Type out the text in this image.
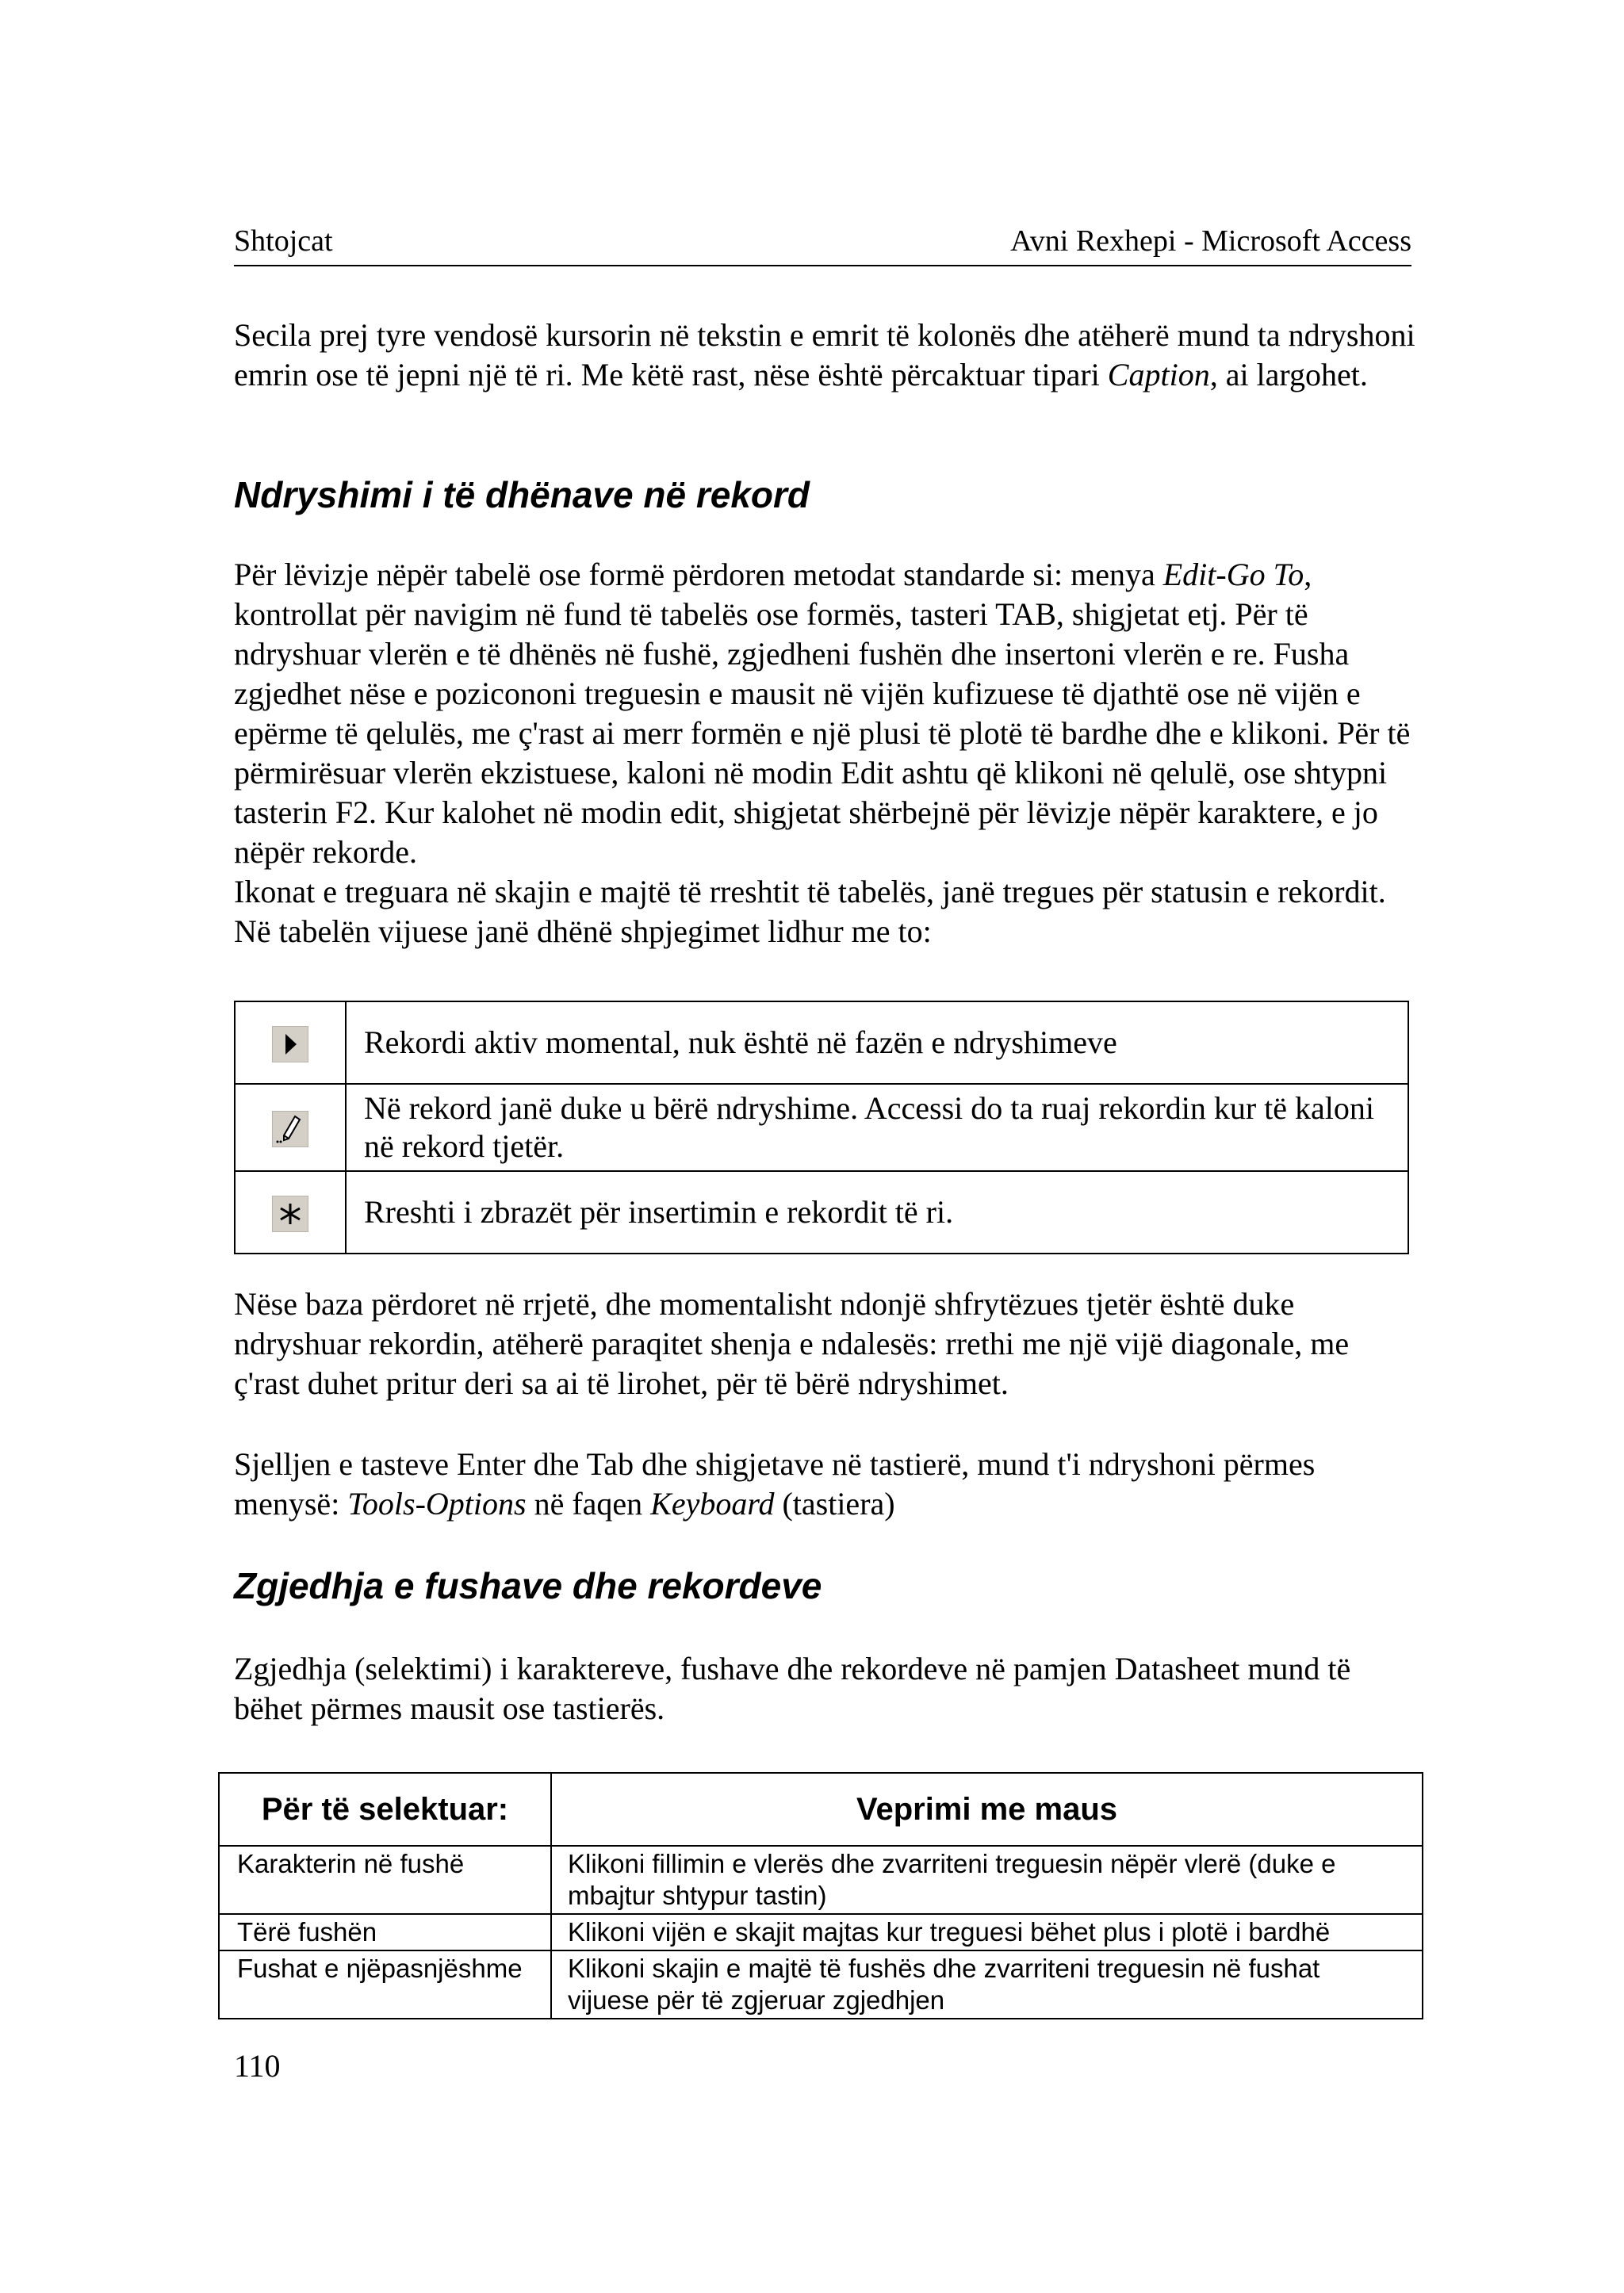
Shtojcat	Avni Rexhepi - Microsoft Access

Secila prej tyre vendosë kursorin në tekstin e emrit të kolonës dhe atëherë mund ta ndryshoni emrin ose të jepni një të ri. Me këtë rast, nëse është përcaktuar tipari Caption, ai largohet.

Ndryshimi i të dhënave në rekord

Për lëvizje nëpër tabelë ose formë përdoren metodat standarde si: menya Edit-Go To, kontrollat për navigim në fund të tabelës ose formës, tasteri TAB, shigjetat etj. Për të ndryshuar vlerën e të dhënës në fushë, zgjedheni fushën dhe insertoni vlerën e re. Fusha zgjedhet nëse e pozicononi treguesin e mausit në vijën kufizuese të djathtë ose në vijën e epërme të qelulës, me ç'rast ai merr formën e një plusi të plotë të bardhe dhe e klikoni. Për të përmirësuar vlerën ekzistuese, kaloni në modin Edit ashtu që klikoni në qelulë, ose shtypni tasterin F2. Kur kalohet në modin edit, shigjetat shërbejnë për lëvizje nëpër karaktere, e jo nëpër rekorde.
Ikonat e treguara në skajin e majtë të rreshtit të tabelës, janë tregues për statusin e rekordit. Në tabelën vijuese janë dhënë shpjegimet lidhur me to:

	Rekordi aktiv momental, nuk është në fazën e ndryshimeve

	Në rekord janë duke u bërë ndryshime. Accessi do ta ruaj rekordin kur të kaloni në rekord tjetër.

	Rreshti i zbrazët për insertimin e rekordit të ri.

Nëse baza përdoret në rrjetë, dhe momentalisht ndonjë shfrytëzues tjetër është duke ndryshuar rekordin, atëherë paraqitet shenja e ndalesës: rrethi me një vijë diagonale, me ç'rast duhet pritur deri sa ai të lirohet, për të bërë ndryshimet.

Sjelljen e tasteve Enter dhe Tab dhe shigjetave në tastierë, mund t'i ndryshoni përmes menysë: Tools-Options në faqen Keyboard (tastiera)

Zgjedhja e fushave dhe rekordeve

Zgjedhja (selektimi) i karaktereve, fushave dhe rekordeve në pamjen Datasheet mund të bëhet përmes mausit ose tastierës.

Për të selektuar:	Veprimi me maus
Karakterin në fushë	Klikoni fillimin e vlerës dhe zvarriteni treguesin nëpër vlerë (duke e mbajtur shtypur tastin)
Tërë fushën	Klikoni vijën e skajit majtas kur treguesi bëhet plus i plotë i bardhë
Fushat e njëpasnjëshme	Klikoni skajin e majtë të fushës dhe zvarriteni treguesin në fushat vijuese për të zgjeruar zgjedhjen
110
